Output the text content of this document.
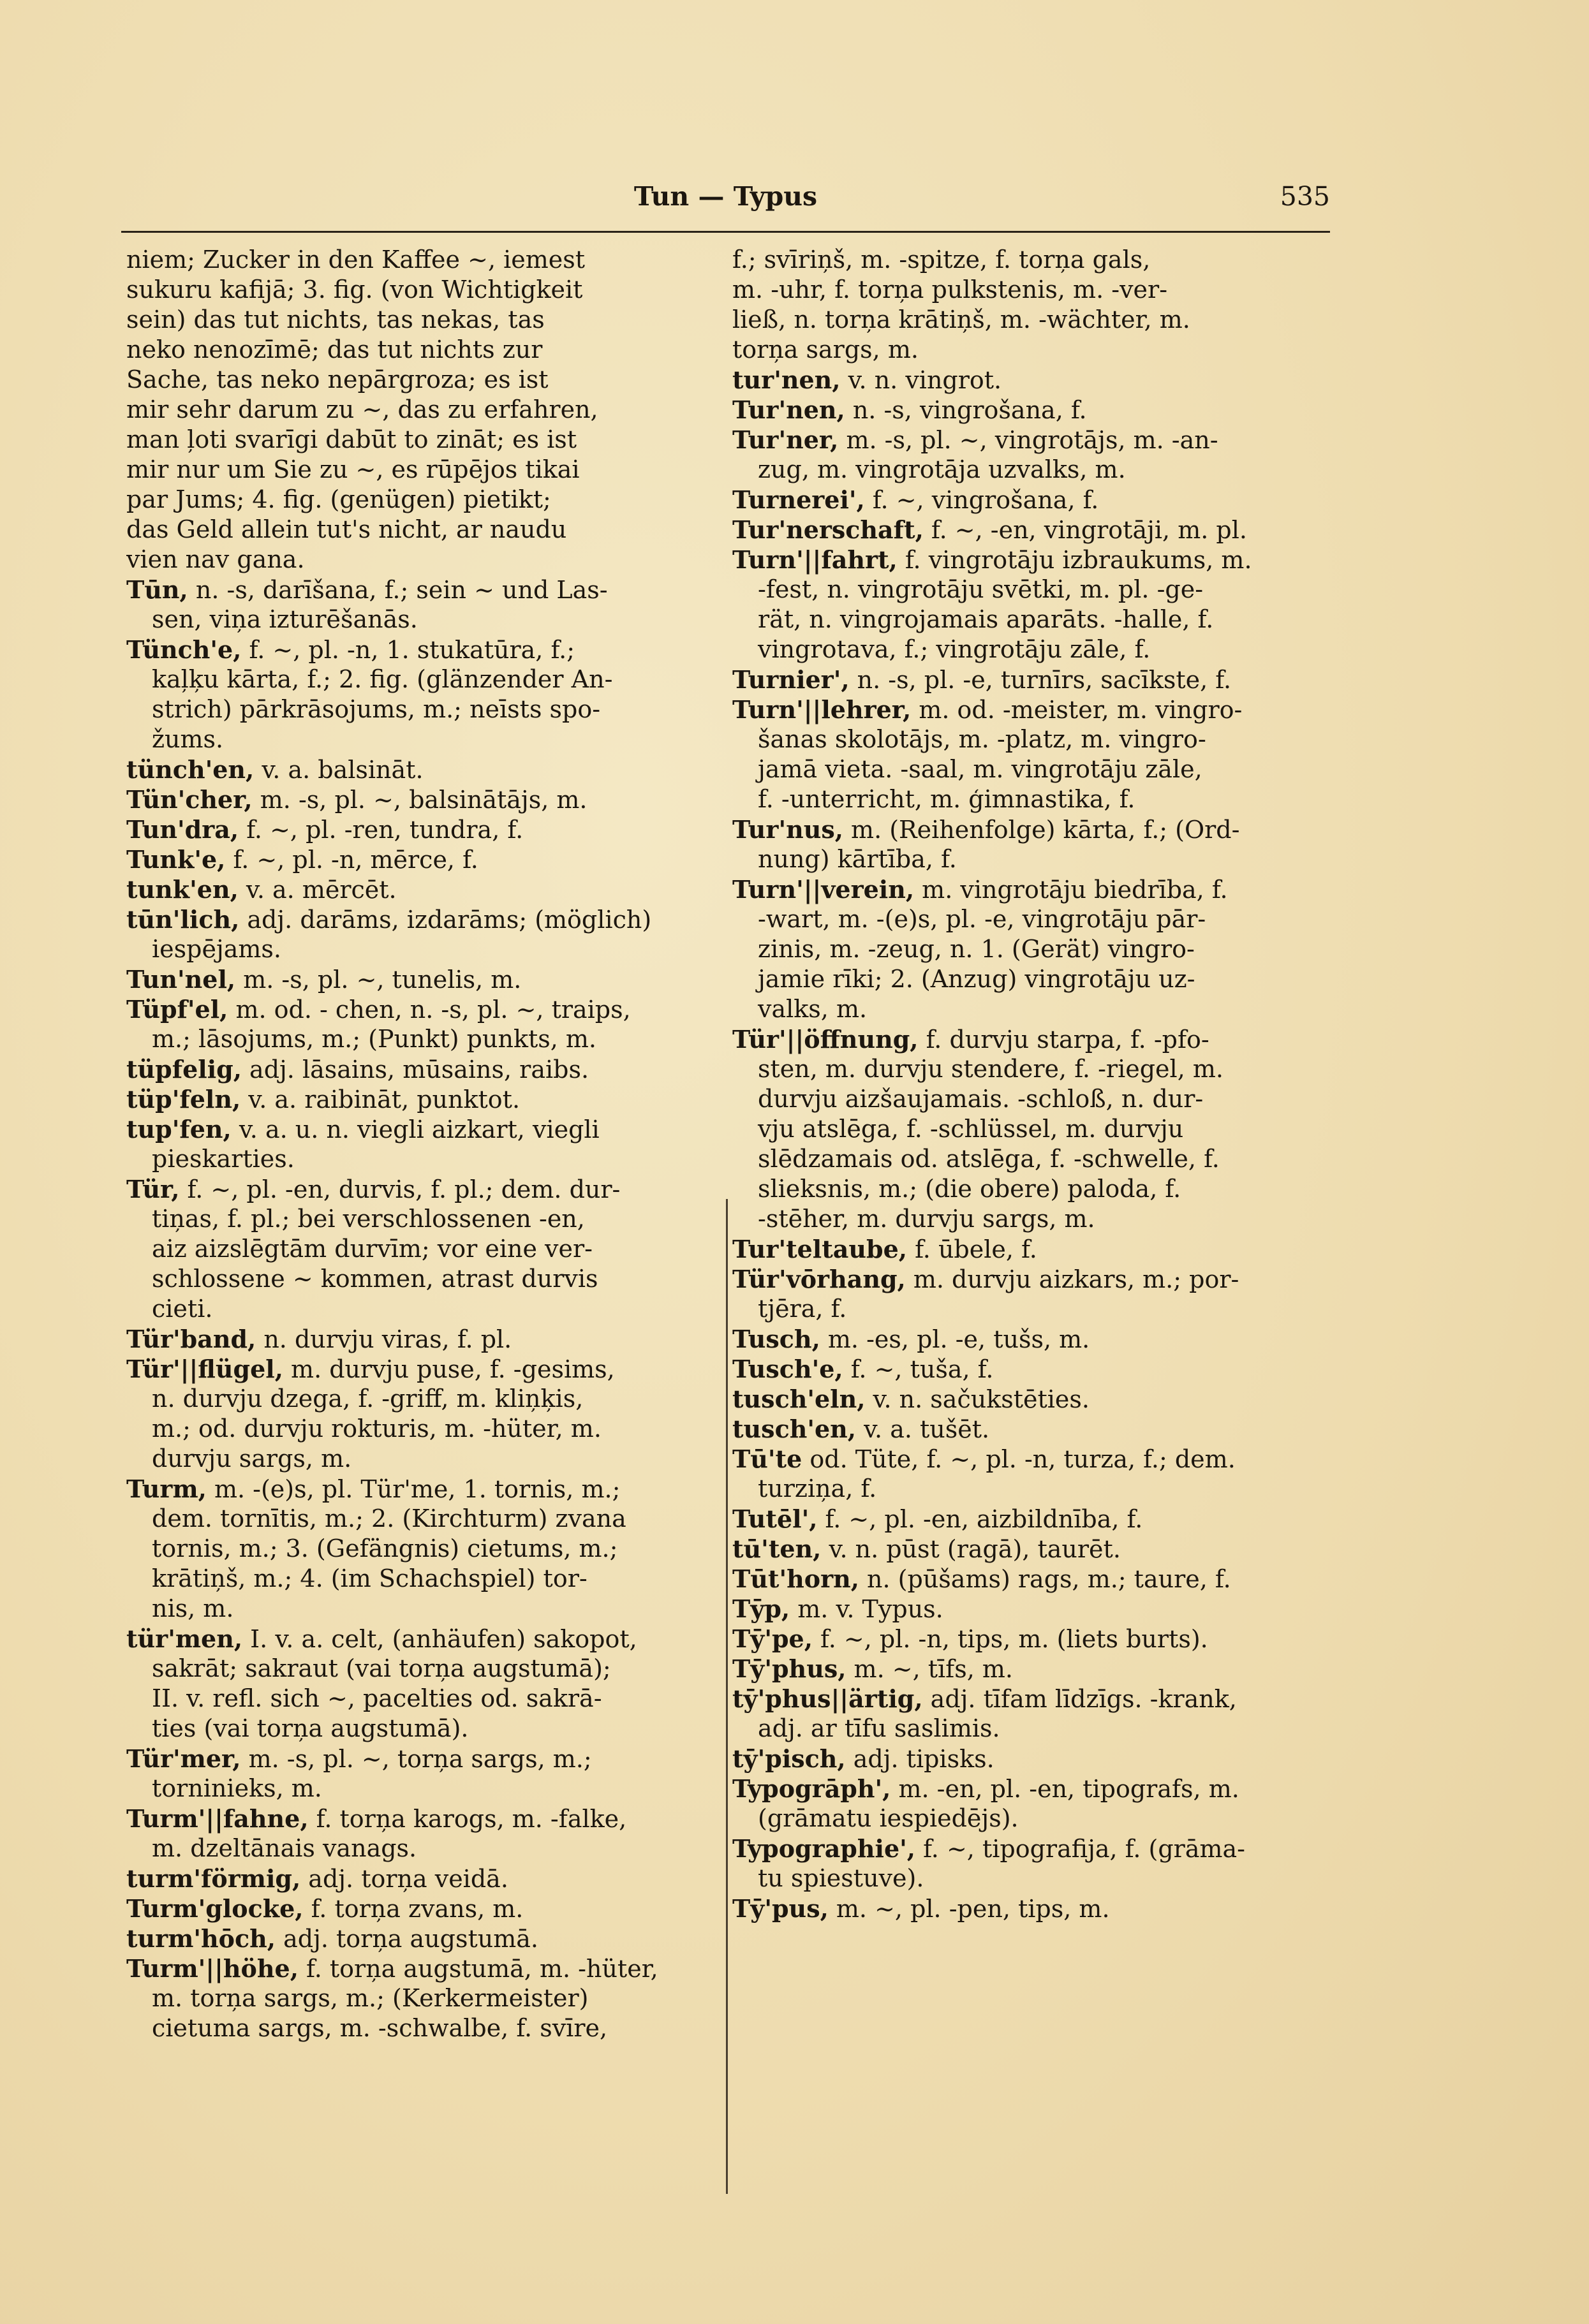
Tun — Typus	535
niem; Zucker in den Kaffee ~, iemest
sukuru kafijā; 3. fig. (von Wichtigkeit
sein) das tut nichts, tas nekas, tas
neko nenozīmē; das tut nichts zur
Sache, tas neko nepārgroza; es ist
mir sehr darum zu ~, das zu erfahren,
man ļoti svarīgi dabūt to zināt; es ist
mir nur um Sie zu ~, es rūpējos tikai
par Jums; 4. fig. (genügen) pietikt;
das Geld allein tut's nicht, ar naudu
vien nav gana.
Tūn, n. -s, darīšana, f.; sein ~ und Las-
sen, viņa izturēšanās.
Tünch'e, f. ~, pl. -n, 1. stukatūra, f.;
kaļķu kārta, f.; 2. fig. (glänzender An-
strich) pārkrāsojums, m.; neīsts spo-
žums.
tünch'en, v. a. balsināt.
Tün'cher, m. -s, pl. ~, balsinātājs, m.
Tun'dra, f. ~, pl. -ren, tundra, f.
Tunk'e, f. ~, pl. -n, mērce, f.
tunk'en, v. a. mērcēt.
tūn'lich, adj. darāms, izdarāms; (möglich)
iespējams.
Tun'nel, m. -s, pl. ~, tunelis, m.
Tüpf'el, m. od. - chen, n. -s, pl. ~, traips,
m.; lāsojums, m.; (Punkt) punkts, m.
tüpfelig, adj. lāsains, mūsains, raibs.
tüp'feln, v. a. raibināt, punktot.
tup'fen, v. a. u. n. viegli aizkart, viegli
pieskarties.
Tür, f. ~, pl. -en, durvis, f. pl.; dem. dur-
tiņas, f. pl.; bei verschlossenen -en,
aiz aizslēgtām durvīm; vor eine ver-
schlossene ~ kommen, atrast durvis
cieti.
Tür'band, n. durvju viras, f. pl.
Tür'||flügel, m. durvju puse, f. -gesims,
n. durvju dzega, f. -griff, m. kliņķis,
m.; od. durvju rokturis, m. -hüter, m.
durvju sargs, m.
Turm, m. -(e)s, pl. Tür'me, 1. tornis, m.;
dem. tornītis, m.; 2. (Kirchturm) zvana
tornis, m.; 3. (Gefängnis) cietums, m.;
krātiņš, m.; 4. (im Schachspiel) tor-
nis, m.
tür'men, I. v. a. celt, (anhäufen) sakopot,
sakrāt; sakraut (vai torņa augstumā);
II. v. refl. sich ~, pacelties od. sakrā-
ties (vai torņa augstumā).
Tür'mer, m. -s, pl. ~, torņa sargs, m.;
torninieks, m.
Turm'||fahne, f. torņa karogs, m. -falke,
m. dzeltānais vanags.
turm'förmig, adj. torņa veidā.
Turm'glocke, f. torņa zvans, m.
turm'hōch, adj. torņa augstumā.
Turm'||höhe, f. torņa augstumā, m. -hüter,
m. torņa sargs, m.; (Kerkermeister)
cietuma sargs, m. -schwalbe, f. svīre,
f.; svīriņš, m. -spitze, f. torņa gals,
m. -uhr, f. torņa pulkstenis, m. -ver-
ließ, n. torņa krātiņš, m. -wächter, m.
torņa sargs, m.
tur'nen, v. n. vingrot.
Tur'nen, n. -s, vingrošana, f.
Tur'ner, m. -s, pl. ~, vingrotājs, m. -an-
zug, m. vingrotāja uzvalks, m.
Turnerei', f. ~, vingrošana, f.
Tur'nerschaft, f. ~, -en, vingrotāji, m. pl.
Turn'||fahrt, f. vingrotāju izbraukums, m.
-fest, n. vingrotāju svētki, m. pl. -ge-
rät, n. vingrojamais aparāts. -halle, f.
vingrotava, f.; vingrotāju zāle, f.
Turnier', n. -s, pl. -e, turnīrs, sacīkste, f.
Turn'||lehrer, m. od. -meister, m. vingro-
šanas skolotājs, m. -platz, m. vingro-
jamā vieta. -saal, m. vingrotāju zāle,
f. -unterricht, m. ģimnastika, f.
Tur'nus, m. (Reihenfolge) kārta, f.; (Ord-
nung) kārtība, f.
Turn'||verein, m. vingrotāju biedrība, f.
-wart, m. -(e)s, pl. -e, vingrotāju pār-
zinis, m. -zeug, n. 1. (Gerät) vingro-
jamie rīki; 2. (Anzug) vingrotāju uz-
valks, m.
Tür'||öffnung, f. durvju starpa, f. -pfo-
sten, m. durvju stendere, f. -riegel, m.
durvju aizšaujamais. -schloß, n. dur-
vju atslēga, f. -schlüssel, m. durvju
slēdzamais od. atslēga, f. -schwelle, f.
slieksnis, m.; (die obere) paloda, f.
-stēher, m. durvju sargs, m.
Tur'teltaube, f. ūbele, f.
Tür'vōrhang, m. durvju aizkars, m.; por-
tjēra, f.
Tusch, m. -es, pl. -e, tušs, m.
Tusch'e, f. ~, tuša, f.
tusch'eln, v. n. sačukstēties.
tusch'en, v. a. tušēt.
Tū'te od. Tüte, f. ~, pl. -n, turza, f.; dem.
turziņa, f.
Tutēl', f. ~, pl. -en, aizbildnība, f.
tū'ten, v. n. pūst (ragā), taurēt.
Tūt'horn, n. (pūšams) rags, m.; taure, f.
Tȳp, m. v. Typus.
Tȳ'pe, f. ~, pl. -n, tips, m. (liets burts).
Tȳ'phus, m. ~, tīfs, m.
tȳ'phus||ärtig, adj. tīfam līdzīgs. -krank,
adj. ar tīfu saslimis.
tȳ'pisch, adj. tipisks.
Typogrāph', m. -en, pl. -en, tipografs, m.
(grāmatu iespiedējs).
Typographie', f. ~, tipografija, f. (grāma-
tu spiestuve).
Tȳ'pus, m. ~, pl. -pen, tips, m.
